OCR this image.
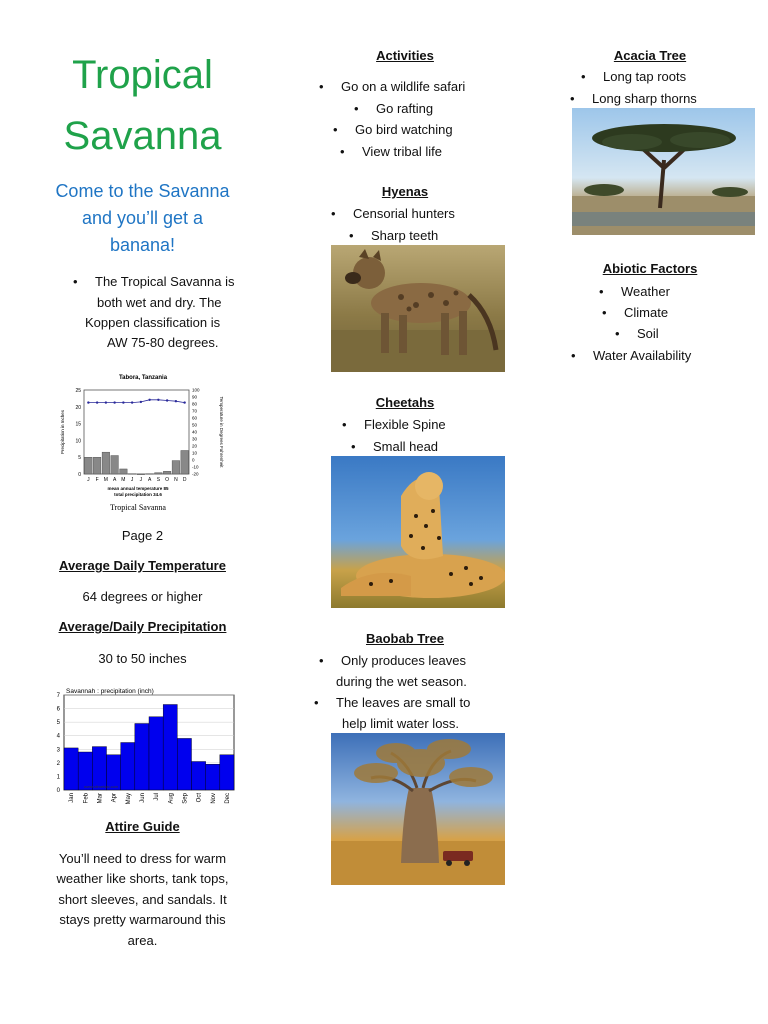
Tropical
Savanna
Come to the Savanna
and you’ll get a
banana!
• The Tropical Savanna is
both wet and dry. The
Koppen classification is
AW 75-80 degrees.
Tabora, Tanzania
0
5
10
15
20
25
-20
-10
0
10
20
30
40
50
60
70
80
90
100
J F M A M J J A S O N D
Precipitation in Inches	Temperature in Degrees Fahrenheit
mean annual temperature 85
total precipitation 34.6
Tropical Savanna
Page 2
Average Daily Temperature
64 degrees or higher
Average/Daily Precipitation
30 to 50 inches
Savannah : precipitation (inch)
0
1
2
3
4
5
6
7
Jan Feb Mar Apr May Jun Jul Aug Sep Oct Nov Dec
www.allmetsat.com
Attire Guide
You’ll need to dress for warm
weather like shorts, tank tops,
short sleeves, and sandals. It
stays pretty warmaround this
area.
Activities
• Go on a wildlife safari
• Go rafting
• Go bird watching
• View tribal life
Hyenas
• Censorial hunters
• Sharp teeth
Cheetahs
• Flexible Spine
• Small head
Baobab Tree
• Only produces leaves
during the wet season.
• The leaves are small to
help limit water loss.
Acacia Tree
• Long tap roots
• Long sharp thorns
Abiotic Factors
• Weather
• Climate
• Soil
• Water Availability
